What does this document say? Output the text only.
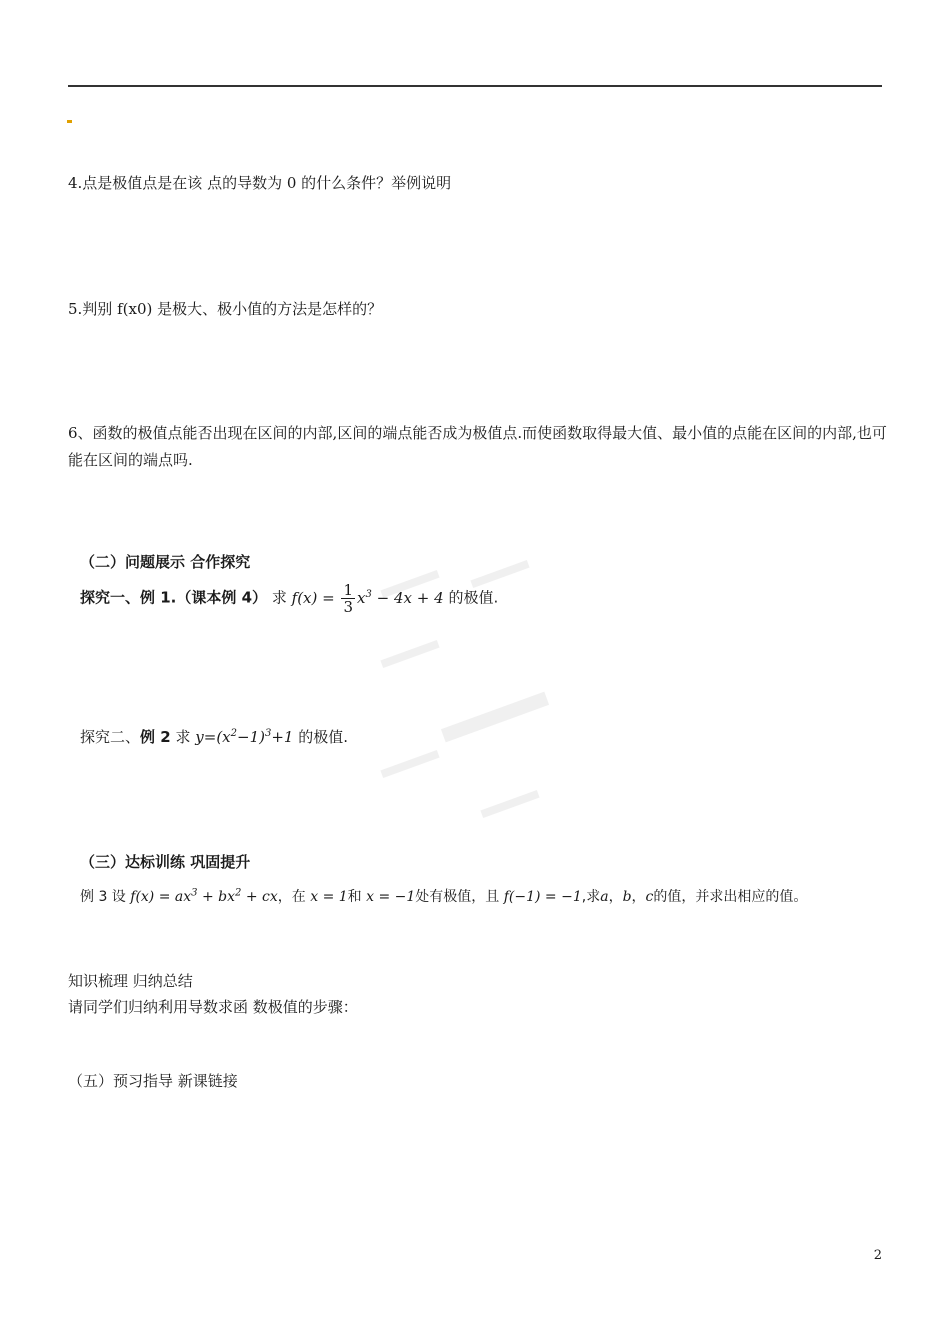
4.点是极值点是在该 点的导数为 0 的什么条件？举例说明
5.判别 f(x0) 是极大、极小值的方法是怎样的？
6、函数的极值点能否出现在区间的内部,区间的端点能否成为极值点.而使函数取得最大值、最小值的点能在区间的内部,也可能在区间的端点吗.
（二）问题展示 合作探究
探究一、例 1.（课本例 4） 求 $f(x) = \frac{1}{3} x^3 - 4x + 4$ 的极值.
探究二、例 2 求 $y=(x^2-1)^3+1$ 的极值.
（三）达标训练 巩固提升
例 3 设 $f(x) = ax^3 + bx^2$ + cx，在 x = 1和 x = −1处有极值，且 f(−1) = −1,求a，b，c的值，并求出相应的值。
知识梳理 归纳总结
请同学们归纳利用导数求函 数极值的步骤：
（五）预习指导 新课链接
2
